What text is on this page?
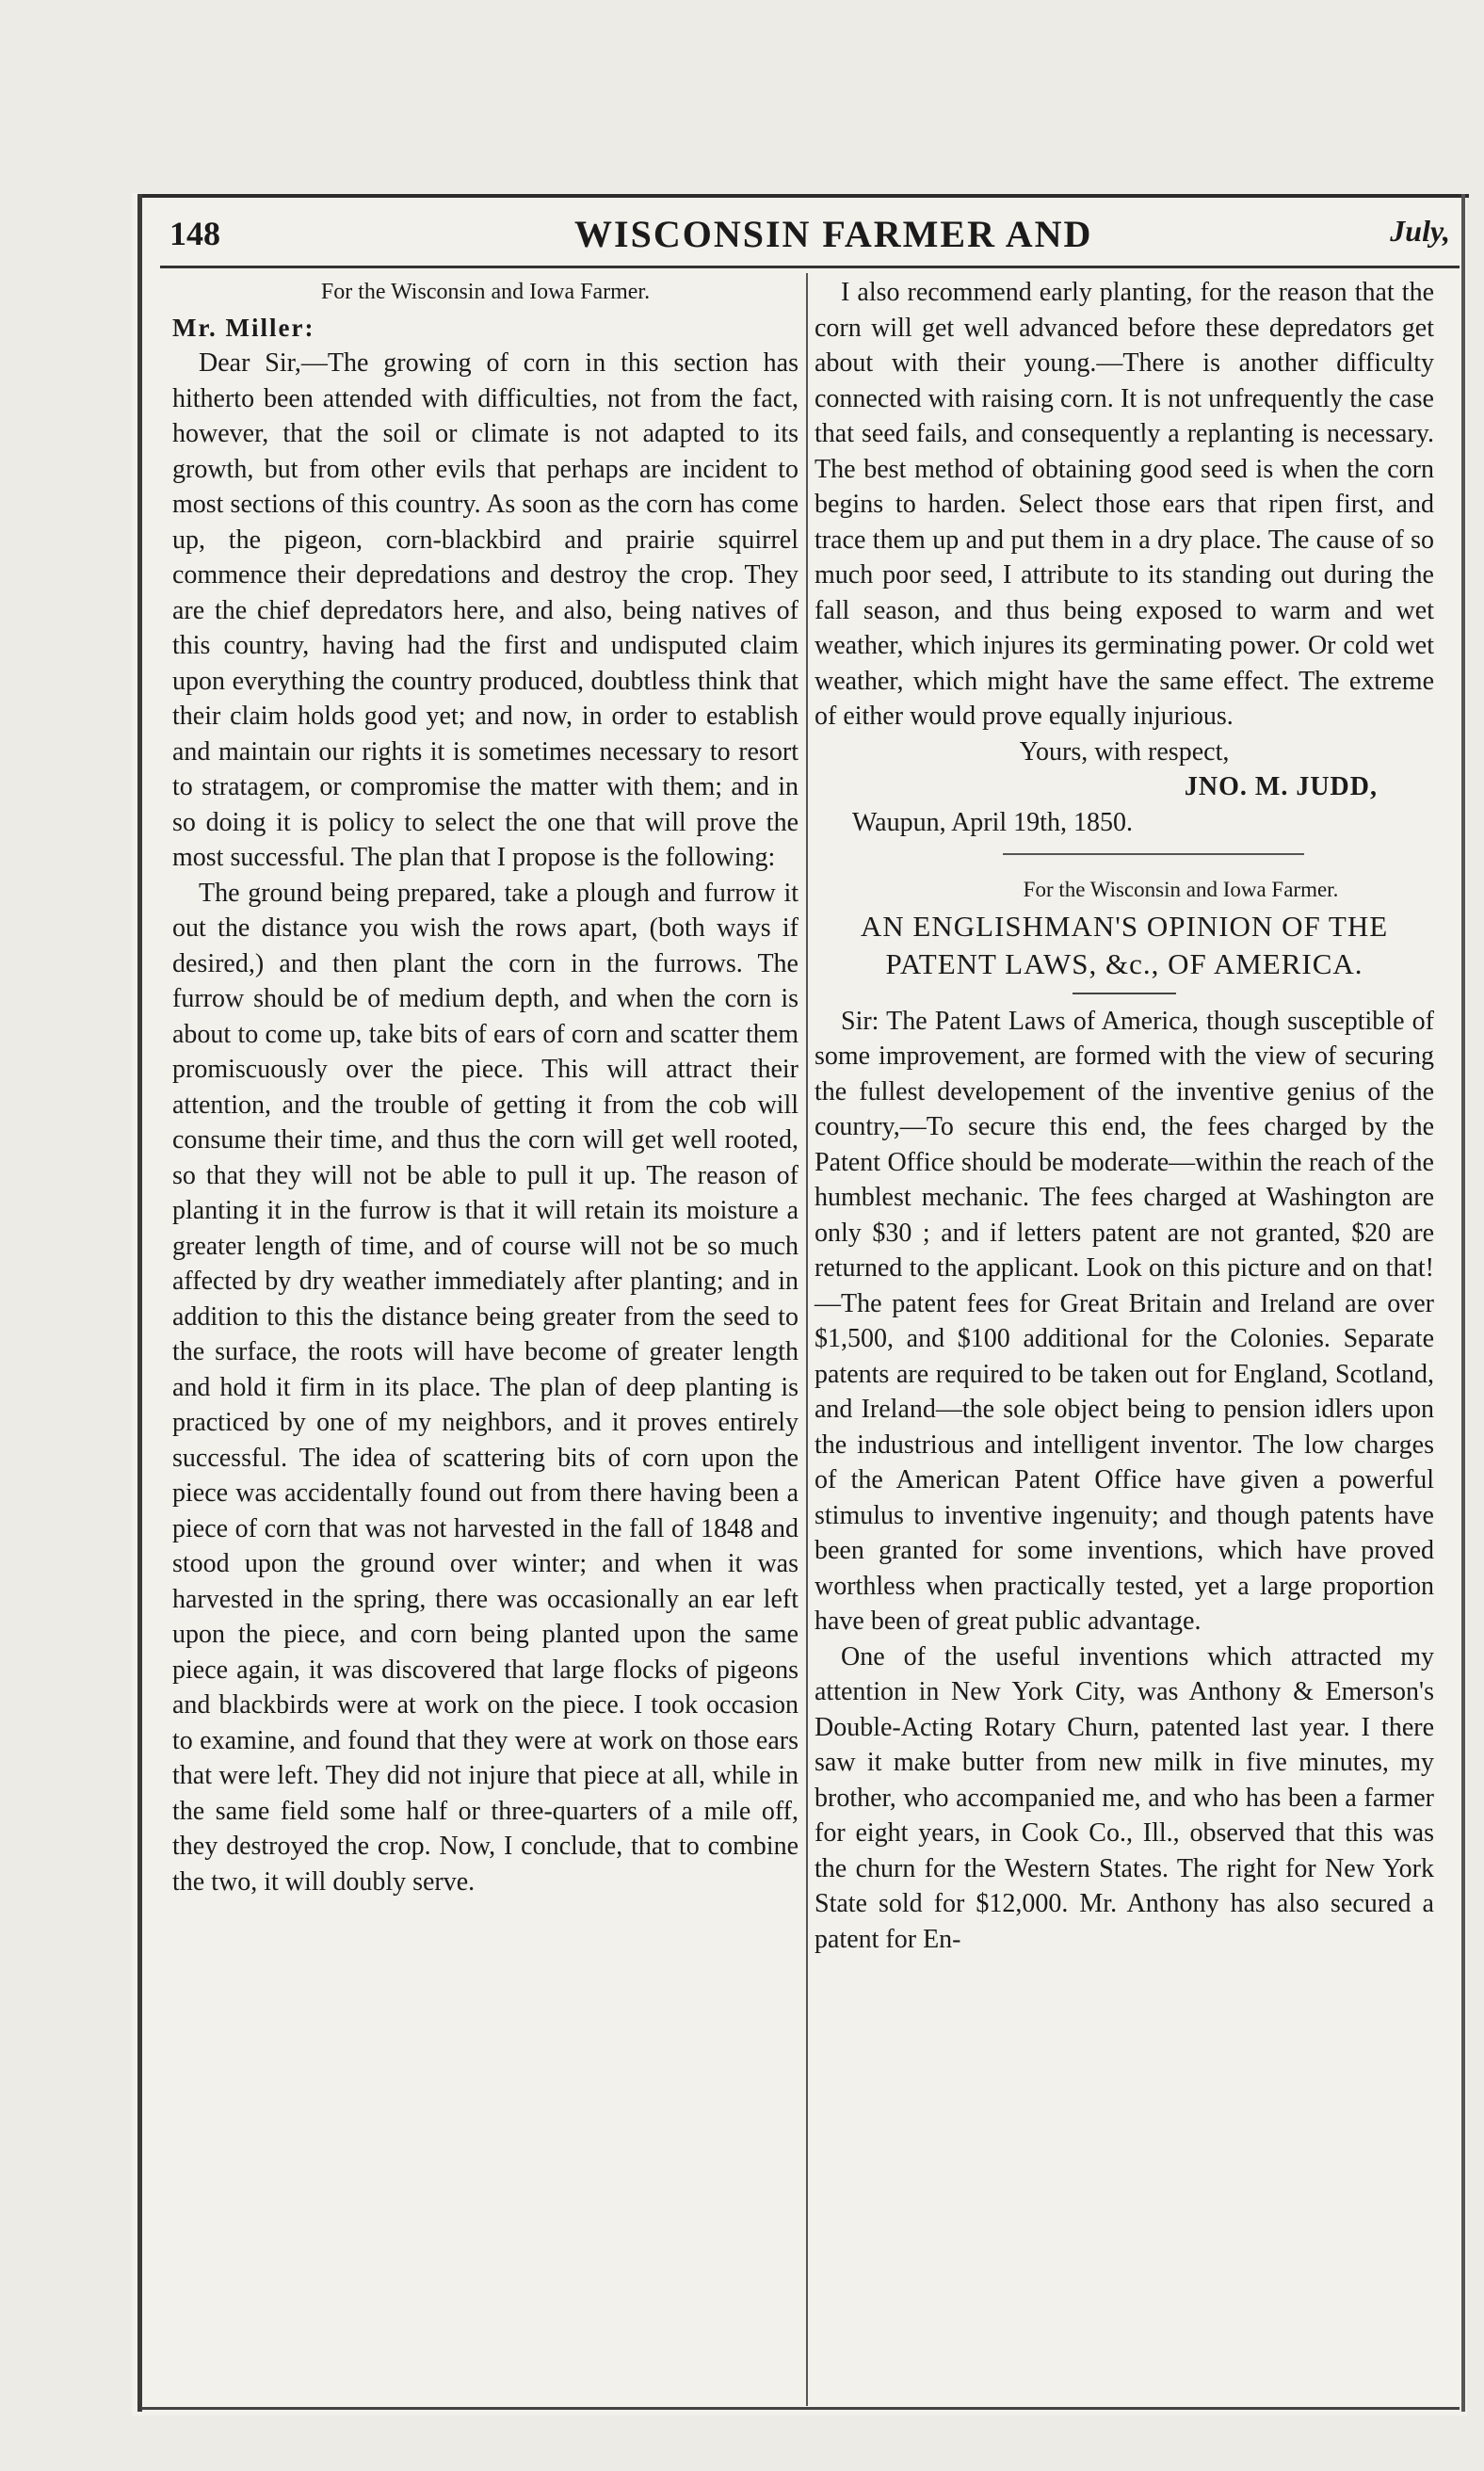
148	WISCONSIN FARMER AND	July,

For the Wisconsin and Iowa Farmer.

Mr. Miller:

Dear Sir,—The growing of corn in this section has hitherto been attended with difficulties, not from the fact, however, that the soil or climate is not adapted to its growth, but from other evils that perhaps are incident to most sections of this country. As soon as the corn has come up, the pigeon, corn-blackbird and prairie squirrel commence their depredations and destroy the crop. They are the chief depredators here, and also, being natives of this country, having had the first and undisputed claim upon everything the country produced, doubtless think that their claim holds good yet; and now, in order to establish and maintain our rights it is sometimes necessary to resort to stratagem, or compromise the matter with them; and in so doing it is policy to select the one that will prove the most successful. The plan that I propose is the following:

The ground being prepared, take a plough and furrow it out the distance you wish the rows apart, (both ways if desired,) and then plant the corn in the furrows. The furrow should be of medium depth, and when the corn is about to come up, take bits of ears of corn and scatter them promiscuously over the piece. This will attract their attention, and the trouble of getting it from the cob will consume their time, and thus the corn will get well rooted, so that they will not be able to pull it up. The reason of planting it in the furrow is that it will retain its moisture a greater length of time, and of course will not be so much affected by dry weather immediately after planting; and in addition to this the distance being greater from the seed to the surface, the roots will have become of greater length and hold it firm in its place. The plan of deep planting is practiced by one of my neighbors, and it proves entirely successful. The idea of scattering bits of corn upon the piece was accidentally found out from there having been a piece of corn that was not harvested in the fall of 1848 and stood upon the ground over winter; and when it was harvested in the spring, there was occasionally an ear left upon the piece, and corn being planted upon the same piece again, it was discovered that large flocks of pigeons and blackbirds were at work on the piece. I took occasion to examine, and found that they were at work on those ears that were left. They did not injure that piece at all, while in the same field some half or three-quarters of a mile off, they destroyed the crop. Now, I conclude, that to combine the two, it will doubly serve.

I also recommend early planting, for the reason that the corn will get well advanced before these depredators get about with their young.—There is another difficulty connected with raising corn. It is not unfrequently the case that seed fails, and consequently a replanting is necessary. The best method of obtaining good seed is when the corn begins to harden. Select those ears that ripen first, and trace them up and put them in a dry place. The cause of so much poor seed, I attribute to its standing out during the fall season, and thus being exposed to warm and wet weather, which injures its germinating power. Or cold wet weather, which might have the same effect. The extreme of either would prove equally injurious.

Yours, with respect,

JNO. M. JUDD,

Waupun, April 19th, 1850.

For the Wisconsin and Iowa Farmer.

AN ENGLISHMAN'S OPINION OF THE PATENT LAWS, &c., OF AMERICA.

Sir: The Patent Laws of America, though susceptible of some improvement, are formed with the view of securing the fullest developement of the inventive genius of the country,—To secure this end, the fees charged by the Patent Office should be moderate—within the reach of the humblest mechanic. The fees charged at Washington are only $30 ; and if letters patent are not granted, $20 are returned to the applicant. Look on this picture and on that!—The patent fees for Great Britain and Ireland are over $1,500, and $100 additional for the Colonies. Separate patents are required to be taken out for England, Scotland, and Ireland—the sole object being to pension idlers upon the industrious and intelligent inventor. The low charges of the American Patent Office have given a powerful stimulus to inventive ingenuity; and though patents have been granted for some inventions, which have proved worthless when practically tested, yet a large proportion have been of great public advantage.

One of the useful inventions which attracted my attention in New York City, was Anthony & Emerson's Double-Acting Rotary Churn, patented last year. I there saw it make butter from new milk in five minutes, my brother, who accompanied me, and who has been a farmer for eight years, in Cook Co., Ill., observed that this was the churn for the Western States. The right for New York State sold for $12,000. Mr. Anthony has also secured a patent for En-
